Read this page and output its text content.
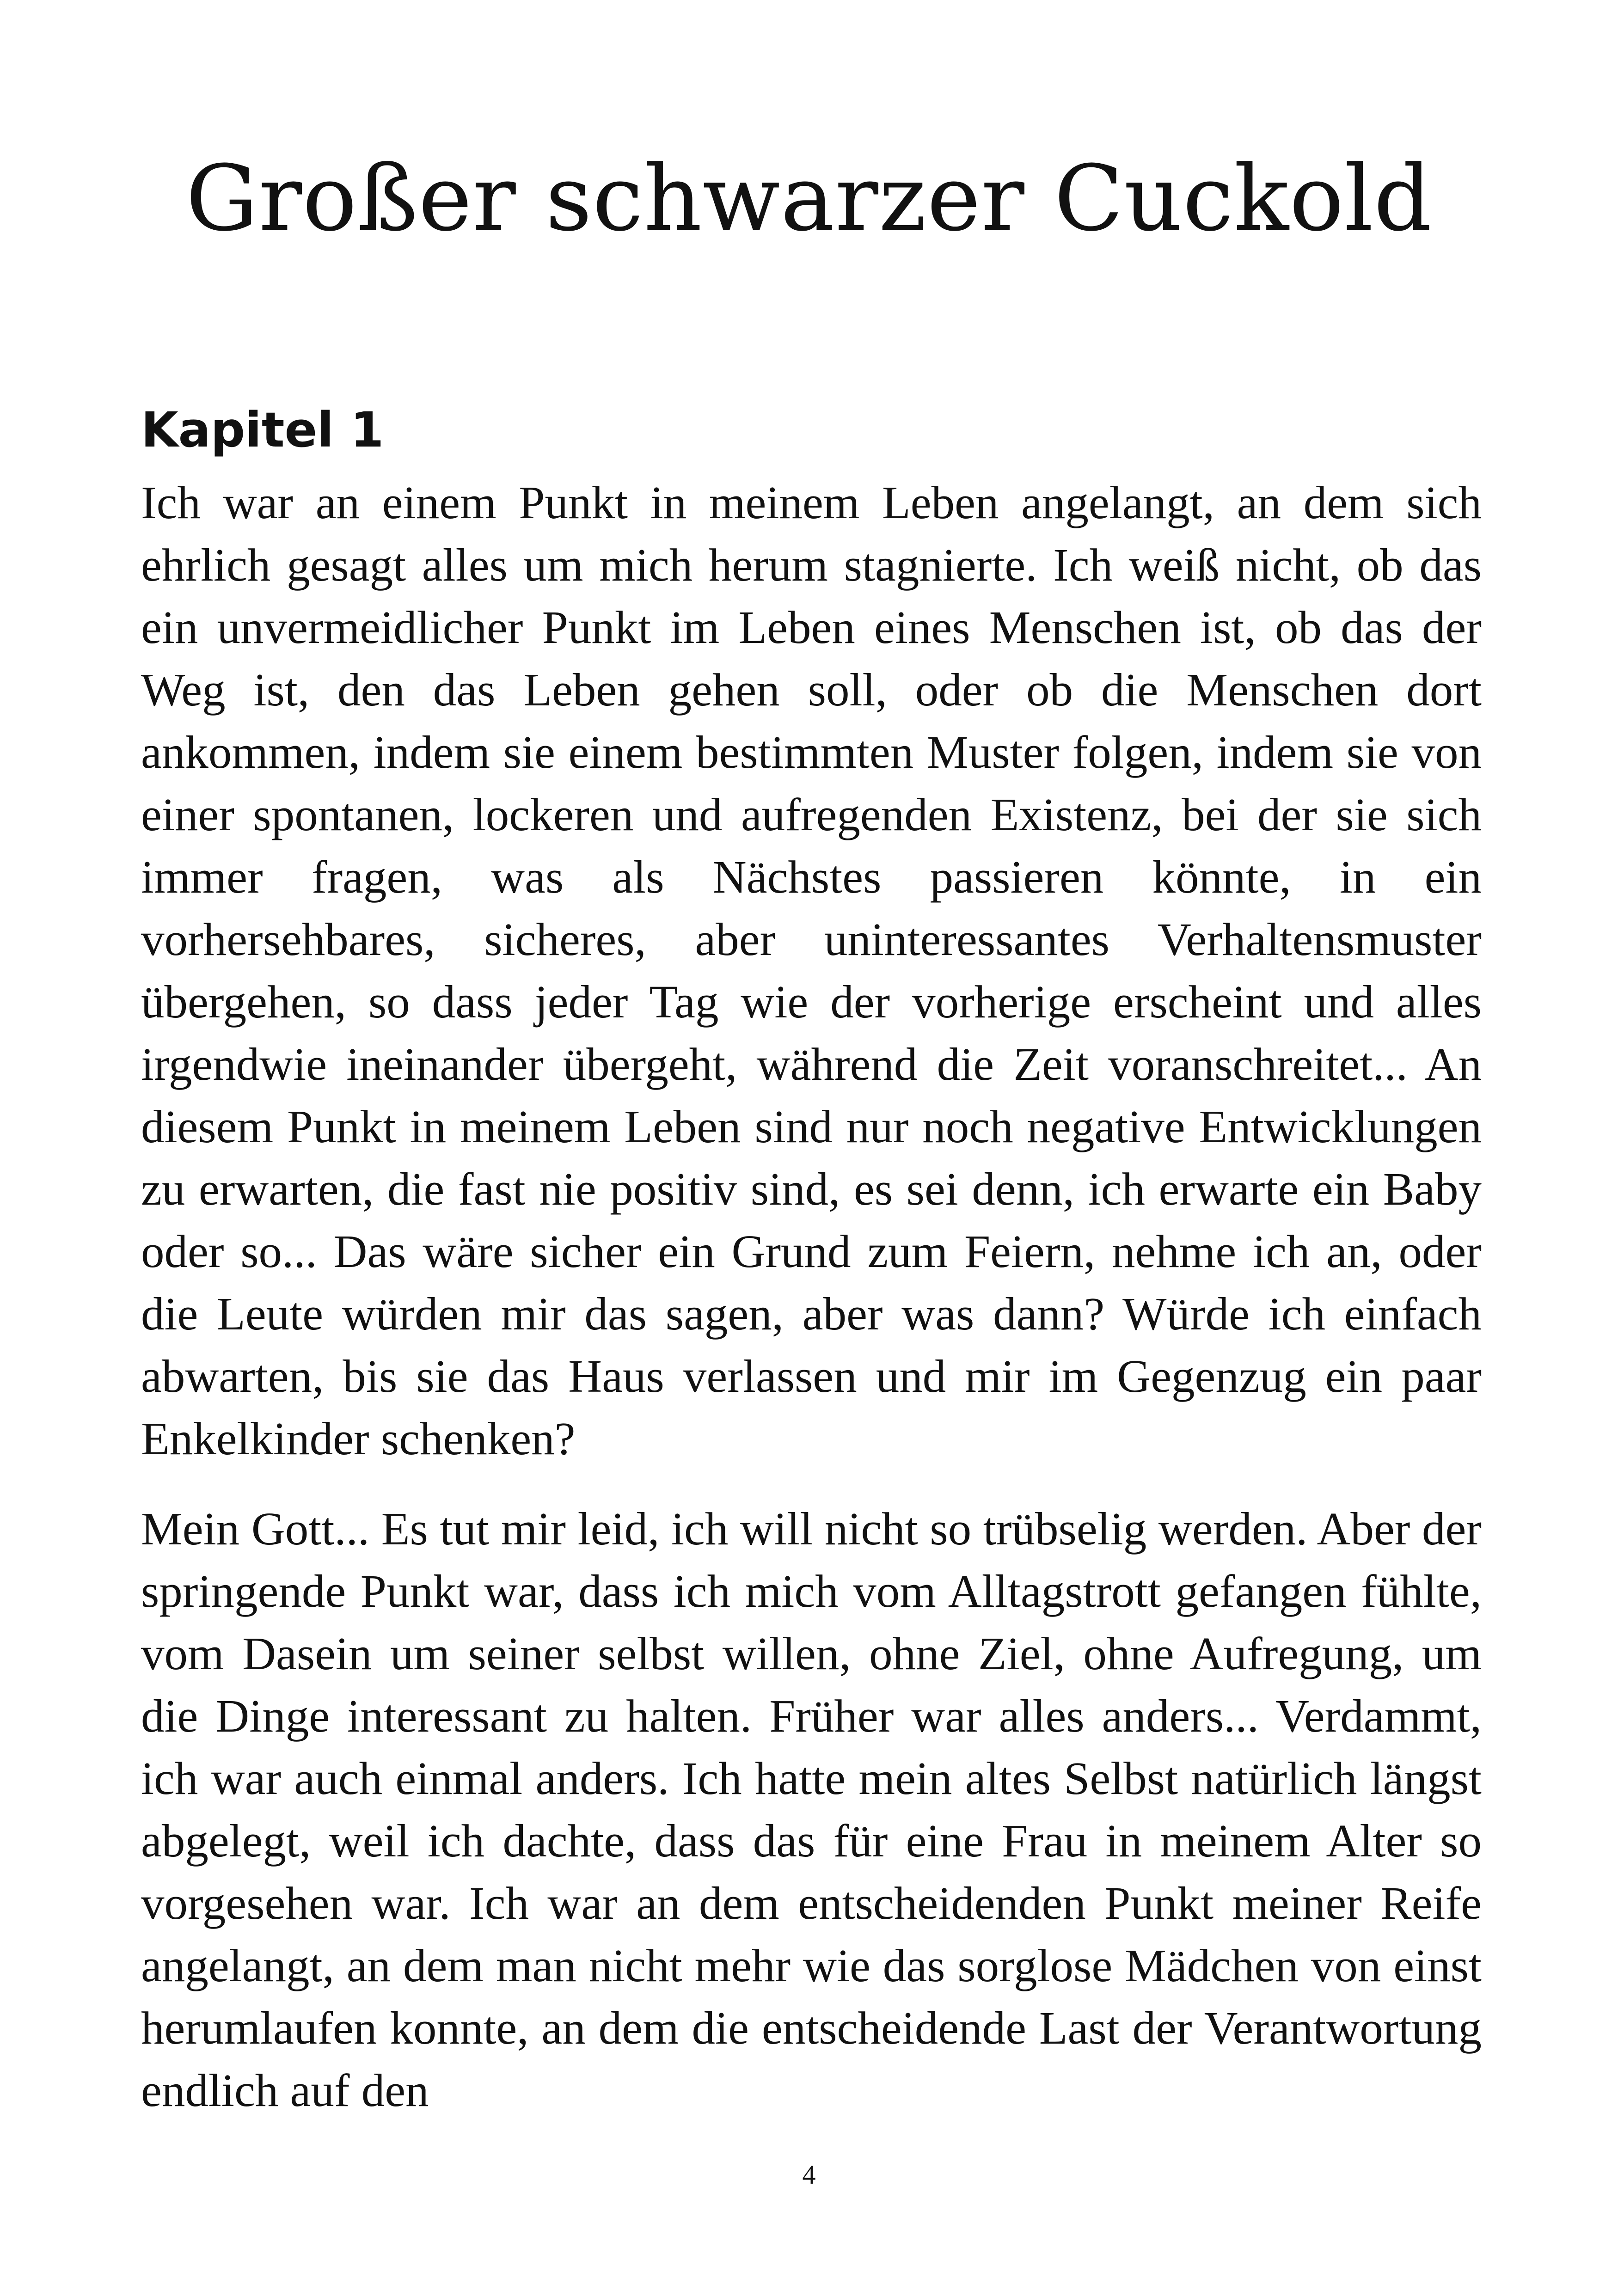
Großer schwarzer Cuckold
Kapitel 1

Ich war an einem Punkt in meinem Leben angelangt, an dem sich ehrlich gesagt alles um mich herum stagnierte. Ich weiß nicht, ob das ein unvermeidlicher Punkt im Leben eines Menschen ist, ob das der Weg ist, den das Leben gehen soll, oder ob die Menschen dort ankommen, indem sie einem bestimmten Muster folgen, indem sie von einer spontanen, lockeren und aufregenden Existenz, bei der sie sich immer fragen, was als Nächstes passieren könnte, in ein vorhersehbares, sicheres, aber uninteressantes Verhaltensmuster übergehen, so dass jeder Tag wie der vorherige erscheint und alles irgendwie ineinander übergeht, während die Zeit voranschreitet... An diesem Punkt in meinem Leben sind nur noch negative Entwicklungen zu erwarten, die fast nie positiv sind, es sei denn, ich erwarte ein Baby oder so... Das wäre sicher ein Grund zum Feiern, nehme ich an, oder die Leute würden mir das sagen, aber was dann? Würde ich einfach abwarten, bis sie das Haus verlassen und mir im Gegenzug ein paar Enkelkinder schenken?

Mein Gott... Es tut mir leid, ich will nicht so trübselig werden. Aber der springende Punkt war, dass ich mich vom Alltagstrott gefangen fühlte, vom Dasein um seiner selbst willen, ohne Ziel, ohne Aufregung, um die Dinge interessant zu halten. Früher war alles anders... Verdammt, ich war auch einmal anders. Ich hatte mein altes Selbst natürlich längst abgelegt, weil ich dachte, dass das für eine Frau in meinem Alter so vorgesehen war. Ich war an dem entscheidenden Punkt meiner Reife angelangt, an dem man nicht mehr wie das sorglose Mädchen von einst herumlaufen konnte, an dem die entscheidende Last der Verantwortung endlich auf den

4
